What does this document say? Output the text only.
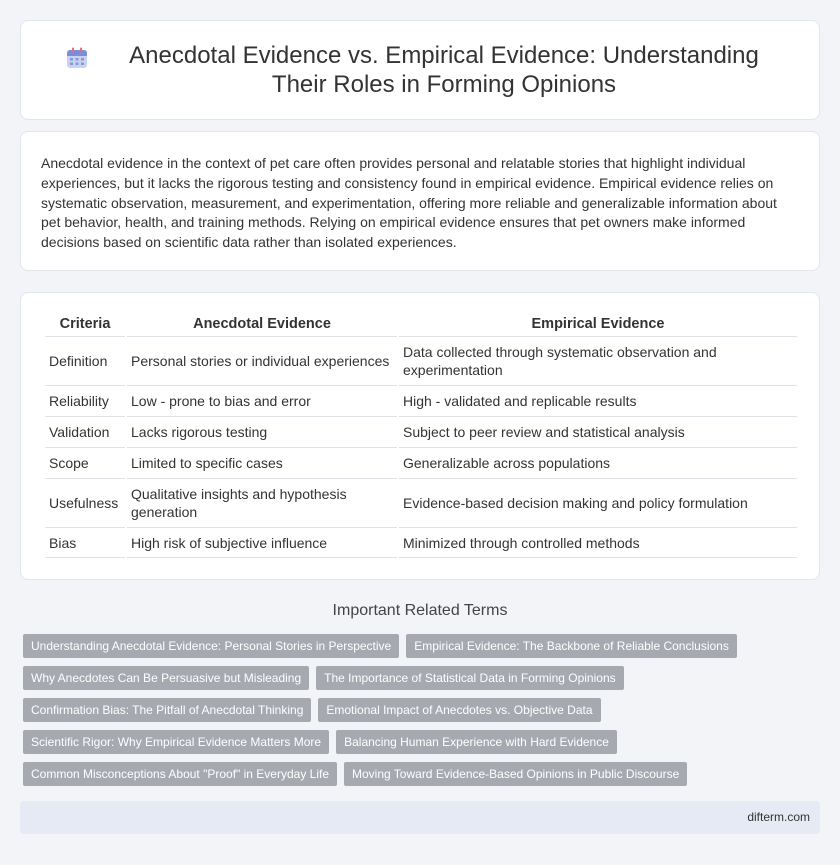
Anecdotal Evidence vs. Empirical Evidence: Understanding Their Roles in Forming Opinions

Anecdotal evidence in the context of pet care often provides personal and relatable stories that highlight individual experiences, but it lacks the rigorous testing and consistency found in empirical evidence. Empirical evidence relies on systematic observation, measurement, and experimentation, offering more reliable and generalizable information about pet behavior, health, and training methods. Relying on empirical evidence ensures that pet owners make informed decisions based on scientific data rather than isolated experiences.

Criteria	Anecdotal Evidence	Empirical Evidence
Definition	Personal stories or individual experiences	Data collected through systematic observation and experimentation
Reliability	Low - prone to bias and error	High - validated and replicable results
Validation	Lacks rigorous testing	Subject to peer review and statistical analysis
Scope	Limited to specific cases	Generalizable across populations
Usefulness	Qualitative insights and hypothesis generation	Evidence-based decision making and policy formulation
Bias	High risk of subjective influence	Minimized through controlled methods
Important Related Terms
Understanding Anecdotal Evidence: Personal Stories in Perspective	Empirical Evidence: The Backbone of Reliable Conclusions
Why Anecdotes Can Be Persuasive but Misleading	The Importance of Statistical Data in Forming Opinions
Confirmation Bias: The Pitfall of Anecdotal Thinking	Emotional Impact of Anecdotes vs. Objective Data
Scientific Rigor: Why Empirical Evidence Matters More	Balancing Human Experience with Hard Evidence
Common Misconceptions About "Proof" in Everyday Life	Moving Toward Evidence-Based Opinions in Public Discourse
difterm.com
